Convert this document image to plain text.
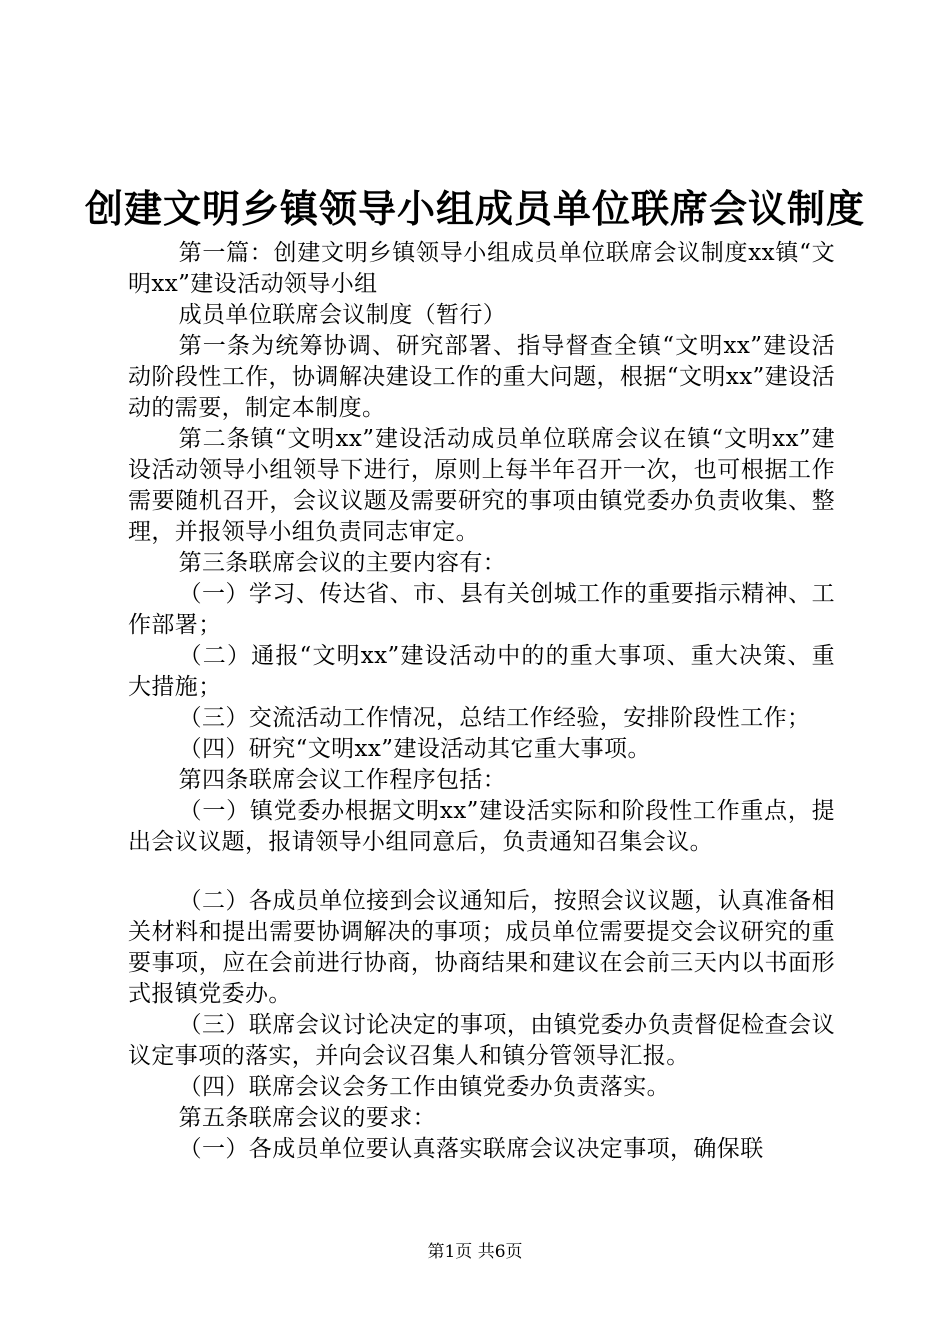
创建文明乡镇领导小组成员单位联席会议制度

第一篇：创建文明乡镇领导小组成员单位联席会议制度xx镇“文明xx”建设活动领导小组

成员单位联席会议制度（暂行）

第一条为统筹协调、研究部署、指导督查全镇“文明xx”建设活动阶段性工作，协调解决建设工作的重大问题，根据“文明xx”建设活动的需要，制定本制度。

第二条镇“文明xx”建设活动成员单位联席会议在镇“文明xx”建设活动领导小组领导下进行，原则上每半年召开一次，也可根据工作需要随机召开，会议议题及需要研究的事项由镇党委办负责收集、整理，并报领导小组负责同志审定。

第三条联席会议的主要内容有：

（一）学习、传达省、市、县有关创城工作的重要指示精神、工作部署；

（二）通报“文明xx”建设活动中的的重大事项、重大决策、重大措施；

（三）交流活动工作情况，总结工作经验，安排阶段性工作；

（四）研究“文明xx”建设活动其它重大事项。

第四条联席会议工作程序包括：

（一）镇党委办根据文明xx”建设活实际和阶段性工作重点，提出会议议题，报请领导小组同意后，负责通知召集会议。

（二）各成员单位接到会议通知后，按照会议议题，认真准备相关材料和提出需要协调解决的事项；成员单位需要提交会议研究的重要事项，应在会前进行协商，协商结果和建议在会前三天内以书面形式报镇党委办。

（三）联席会议讨论决定的事项，由镇党委办负责督促检查会议议定事项的落实，并向会议召集人和镇分管领导汇报。

（四）联席会议会务工作由镇党委办负责落实。

第五条联席会议的要求：

（一）各成员单位要认真落实联席会议决定事项，确保联

第1页 共6页
